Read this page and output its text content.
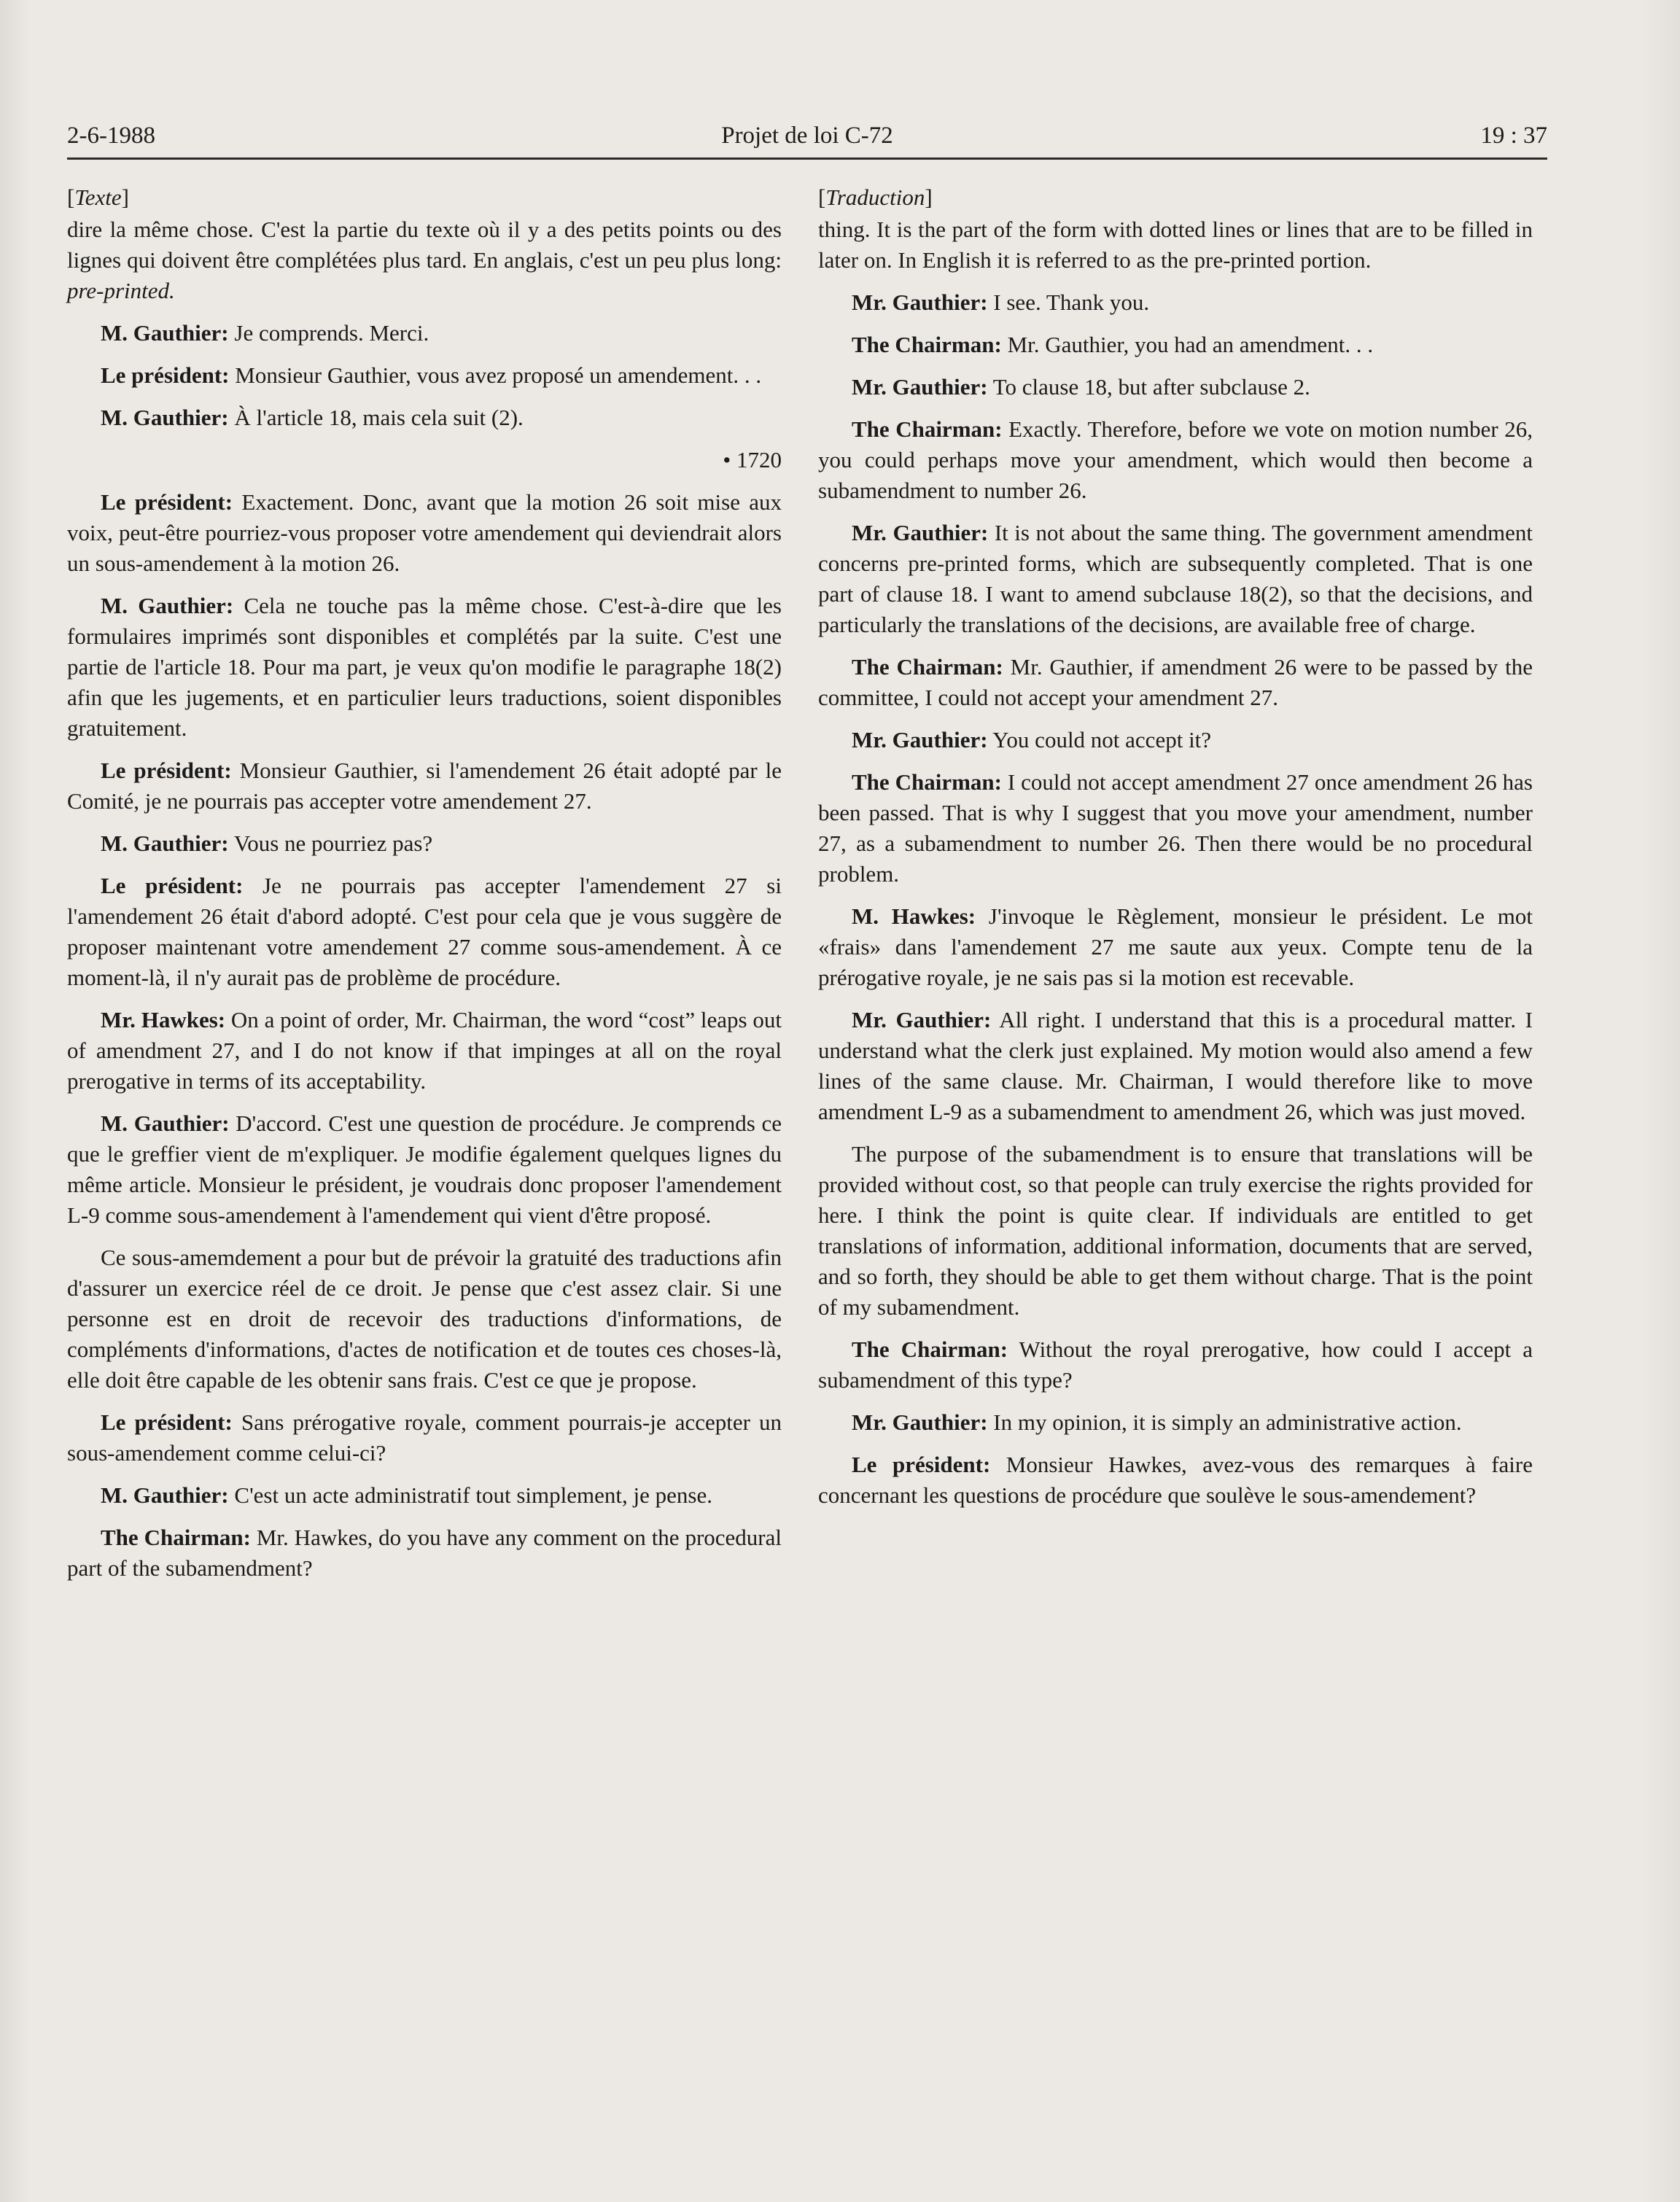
2-6-1988	Projet de loi C-72	19 : 37
[Texte]

dire la même chose. C'est la partie du texte où il y a des petits points ou des lignes qui doivent être complétées plus tard. En anglais, c'est un peu plus long: pre-printed.

M. Gauthier: Je comprends. Merci.

Le président: Monsieur Gauthier, vous avez proposé un amendement. . .

M. Gauthier: À l'article 18, mais cela suit (2).

• 1720

Le président: Exactement. Donc, avant que la motion 26 soit mise aux voix, peut-être pourriez-vous proposer votre amendement qui deviendrait alors un sous-amendement à la motion 26.

M. Gauthier: Cela ne touche pas la même chose. C'est-à-dire que les formulaires imprimés sont disponibles et complétés par la suite. C'est une partie de l'article 18. Pour ma part, je veux qu'on modifie le paragraphe 18(2) afin que les jugements, et en particulier leurs traductions, soient disponibles gratuitement.

Le président: Monsieur Gauthier, si l'amendement 26 était adopté par le Comité, je ne pourrais pas accepter votre amendement 27.

M. Gauthier: Vous ne pourriez pas?

Le président: Je ne pourrais pas accepter l'amendement 27 si l'amendement 26 était d'abord adopté. C'est pour cela que je vous suggère de proposer maintenant votre amendement 27 comme sous-amendement. À ce moment-là, il n'y aurait pas de problème de procédure.

Mr. Hawkes: On a point of order, Mr. Chairman, the word “cost” leaps out of amendment 27, and I do not know if that impinges at all on the royal prerogative in terms of its acceptability.

M. Gauthier: D'accord. C'est une question de procédure. Je comprends ce que le greffier vient de m'expliquer. Je modifie également quelques lignes du même article. Monsieur le président, je voudrais donc proposer l'amendement L-9 comme sous-amendement à l'amendement qui vient d'être proposé.

Ce sous-amemdement a pour but de prévoir la gratuité des traductions afin d'assurer un exercice réel de ce droit. Je pense que c'est assez clair. Si une personne est en droit de recevoir des traductions d'informations, de compléments d'informations, d'actes de notification et de toutes ces choses-là, elle doit être capable de les obtenir sans frais. C'est ce que je propose.

Le président: Sans prérogative royale, comment pourrais-je accepter un sous-amendement comme celui-ci?

M. Gauthier: C'est un acte administratif tout simplement, je pense.

The Chairman: Mr. Hawkes, do you have any comment on the procedural part of the subamendment?

[Traduction]

thing. It is the part of the form with dotted lines or lines that are to be filled in later on. In English it is referred to as the pre-printed portion.

Mr. Gauthier: I see. Thank you.

The Chairman: Mr. Gauthier, you had an amendment. . .

Mr. Gauthier: To clause 18, but after subclause 2.

The Chairman: Exactly. Therefore, before we vote on motion number 26, you could perhaps move your amendment, which would then become a subamendment to number 26.

Mr. Gauthier: It is not about the same thing. The government amendment concerns pre-printed forms, which are subsequently completed. That is one part of clause 18. I want to amend subclause 18(2), so that the decisions, and particularly the translations of the decisions, are available free of charge.

The Chairman: Mr. Gauthier, if amendment 26 were to be passed by the committee, I could not accept your amendment 27.

Mr. Gauthier: You could not accept it?

The Chairman: I could not accept amendment 27 once amendment 26 has been passed. That is why I suggest that you move your amendment, number 27, as a subamendment to number 26. Then there would be no procedural problem.

M. Hawkes: J'invoque le Règlement, monsieur le président. Le mot «frais» dans l'amendement 27 me saute aux yeux. Compte tenu de la prérogative royale, je ne sais pas si la motion est recevable.

Mr. Gauthier: All right. I understand that this is a procedural matter. I understand what the clerk just explained. My motion would also amend a few lines of the same clause. Mr. Chairman, I would therefore like to move amendment L-9 as a subamendment to amendment 26, which was just moved.

The purpose of the subamendment is to ensure that translations will be provided without cost, so that people can truly exercise the rights provided for here. I think the point is quite clear. If individuals are entitled to get translations of information, additional information, documents that are served, and so forth, they should be able to get them without charge. That is the point of my subamendment.

The Chairman: Without the royal prerogative, how could I accept a subamendment of this type?

Mr. Gauthier: In my opinion, it is simply an administrative action.

Le président: Monsieur Hawkes, avez-vous des remarques à faire concernant les questions de procédure que soulève le sous-amendement?
